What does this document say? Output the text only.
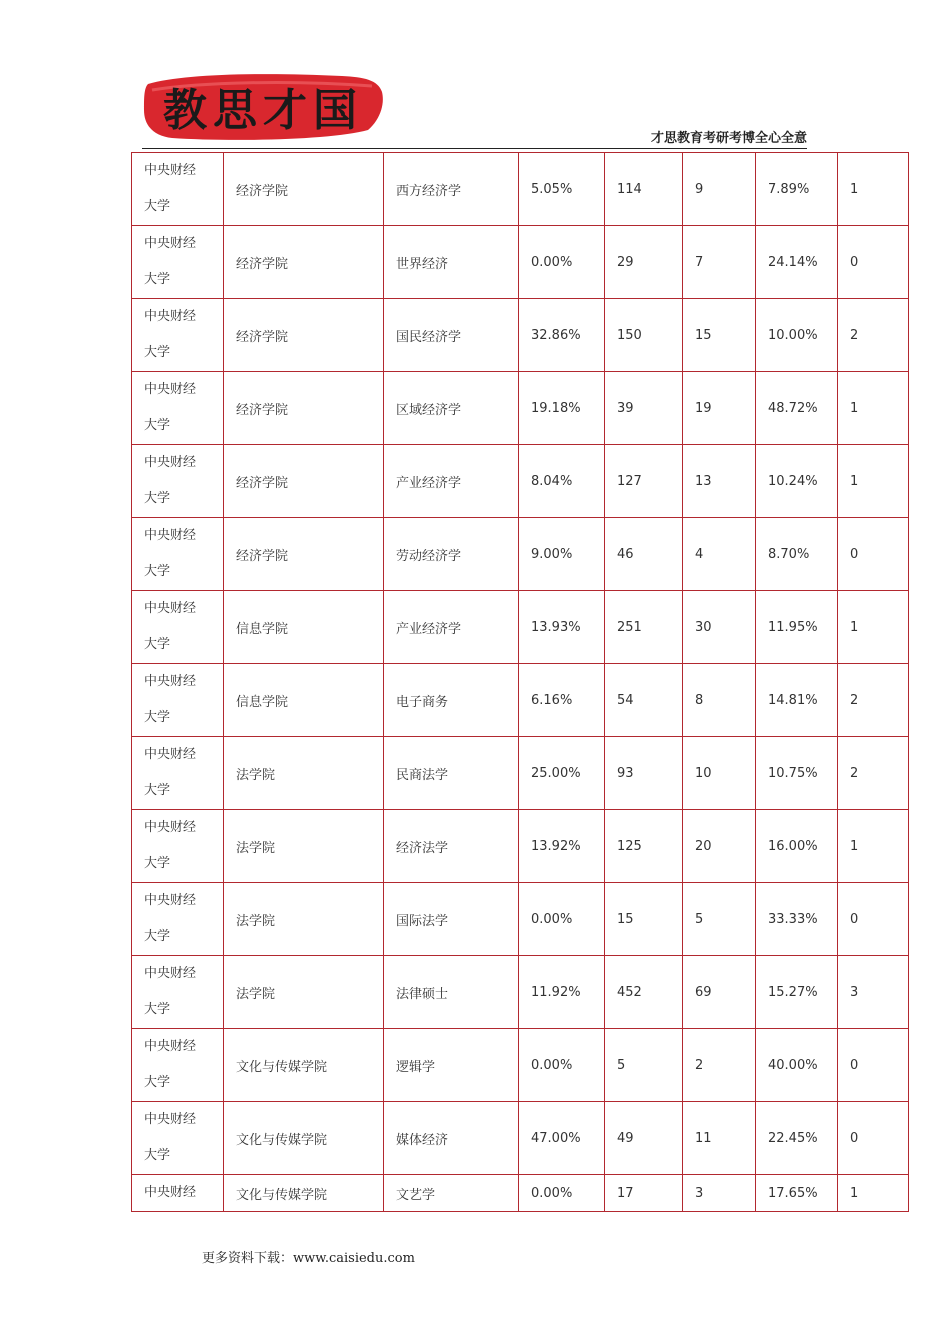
教思才国
才思教育考研考博全心全意
中央财经
大学	经济学院	西方经济学	5.05%	114	9	7.89%	1

中央财经
大学	经济学院	世界经济	0.00%	29	7	24.14%	0

中央财经
大学	经济学院	国民经济学	32.86%	150	15	10.00%	2

中央财经
大学	经济学院	区域经济学	19.18%	39	19	48.72%	1

中央财经
大学	经济学院	产业经济学	8.04%	127	13	10.24%	1

中央财经
大学	经济学院	劳动经济学	9.00%	46	4	8.70%	0

中央财经
大学	信息学院	产业经济学	13.93%	251	30	11.95%	1

中央财经
大学	信息学院	电子商务	6.16%	54	8	14.81%	2

中央财经
大学	法学院	民商法学	25.00%	93	10	10.75%	2

中央财经
大学	法学院	经济法学	13.92%	125	20	16.00%	1

中央财经
大学	法学院	国际法学	0.00%	15	5	33.33%	0

中央财经
大学	法学院	法律硕士	11.92%	452	69	15.27%	3

中央财经
大学	文化与传媒学院	逻辑学	0.00%	5	2	40.00%	0

中央财经
大学	文化与传媒学院	媒体经济	47.00%	49	11	22.45%	0

中央财经	文化与传媒学院	文艺学	0.00%	17	3	17.65%	1
更多资料下载：www.caisiedu.com
